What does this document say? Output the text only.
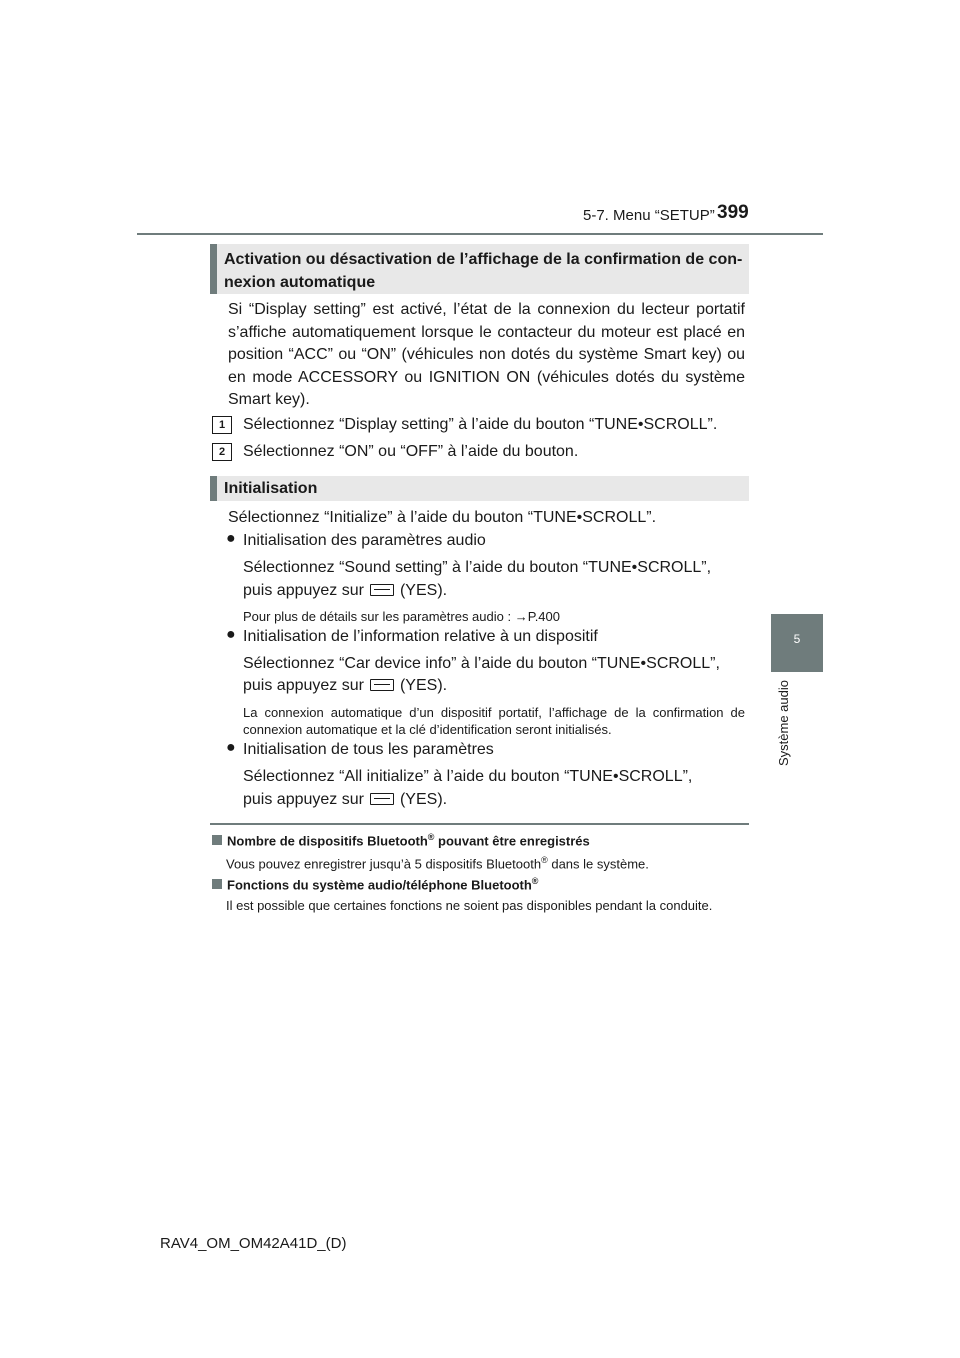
5-7. Menu “SETUP” 399
5
Système audio
Activation ou désactivation de l’affichage de la confirmation de con-
nexion automatique
Si “Display setting” est activé, l’état de la connexion du lecteur portatif s’affiche automatiquement lorsque le contacteur du moteur est placé en position “ACC” ou “ON” (véhicules non dotés du système Smart key) ou en mode ACCESSORY ou IGNITION ON (véhicules dotés du système Smart key).
1	Sélectionnez “Display setting” à l’aide du bouton “TUNE•SCROLL”.
2	Sélectionnez “ON” ou “OFF” à l’aide du bouton.
Initialisation
Sélectionnez “Initialize” à l’aide du bouton “TUNE•SCROLL”.
● Initialisation des paramètres audio
Sélectionnez “Sound setting” à l’aide du bouton “TUNE•SCROLL”,
puis appuyez sur (YES).
Pour plus de détails sur les paramètres audio : →P.400
● Initialisation de l’information relative à un dispositif
Sélectionnez “Car device info” à l’aide du bouton “TUNE•SCROLL”,
puis appuyez sur (YES).
La connexion automatique d’un dispositif portatif, l’affichage de la confirmation de connexion automatique et la clé d’identification seront initialisés.
● Initialisation de tous les paramètres
Sélectionnez “All initialize” à l’aide du bouton “TUNE•SCROLL”,
puis appuyez sur (YES).
Nombre de dispositifs Bluetooth® pouvant être enregistrés
Vous pouvez enregistrer jusqu’à 5 dispositifs Bluetooth® dans le système.
Fonctions du système audio/téléphone Bluetooth®
Il est possible que certaines fonctions ne soient pas disponibles pendant la conduite.
RAV4_OM_OM42A41D_(D)
